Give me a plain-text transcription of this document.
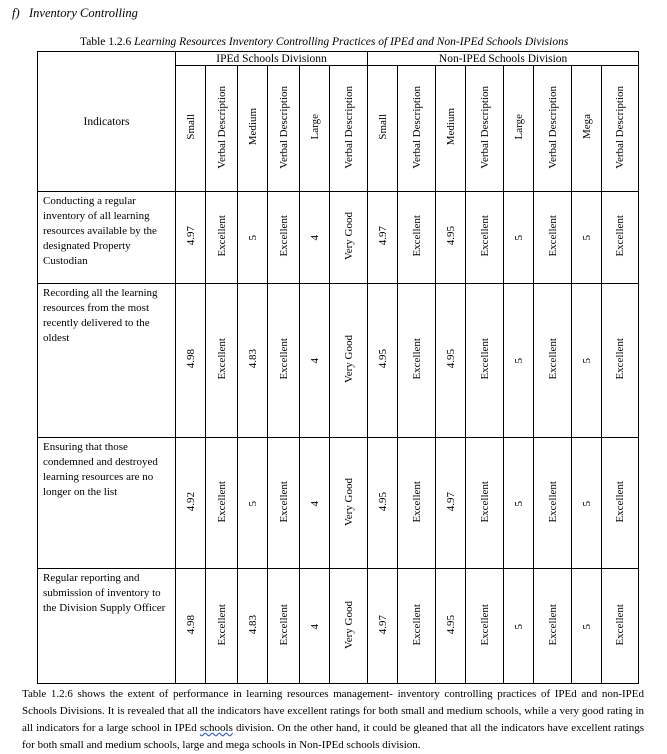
f) Inventory Controlling
Table 1.2.6 Learning Resources Inventory Controlling Practices of IPEd and Non-IPEd Schools Divisions
Indicators	IPEd Schools Divisionn						Non-IPEd Schools Division							
	Small	Verbal Description	Medium	Verbal Description	Large	Verbal Description	Small	Verbal Description	Medium	Verbal Description	Large	Verbal Description	Mega	Verbal Description
Conducting a regular inventory of all learning resources available by the designated Property Custodian	4.97	Excellent	5	Excellent	4	Very Good	4.97	Excellent	4.95	Excellent	5	Excellent	5	Excellent
Recording all the learning resources from the most recently delivered to the oldest	4.98	Excellent	4.83	Excellent	4	Very Good	4.95	Excellent	4.95	Excellent	5	Excellent	5	Excellent
Ensuring that those condemned and destroyed learning resources are no longer on the list	4.92	Excellent	5	Excellent	4	Very Good	4.95	Excellent	4.97	Excellent	5	Excellent	5	Excellent
Regular reporting and submission of inventory to the Division Supply Officer	4.98	Excellent	4.83	Excellent	4	Very Good	4.97	Excellent	4.95	Excellent	5	Excellent	5	Excellent
Table 1.2.6 shows the extent of performance in learning resources management- inventory controlling practices of IPEd and non-IPEd Schools Divisions. It is revealed that all the indicators have excellent ratings for both small and medium schools, while a very good rating in all indicators for a large school in IPEd schools division. On the other hand, it could be gleaned that all the indicators have excellent ratings for both small and medium schools, large and mega schools in Non-IPEd schools division.
